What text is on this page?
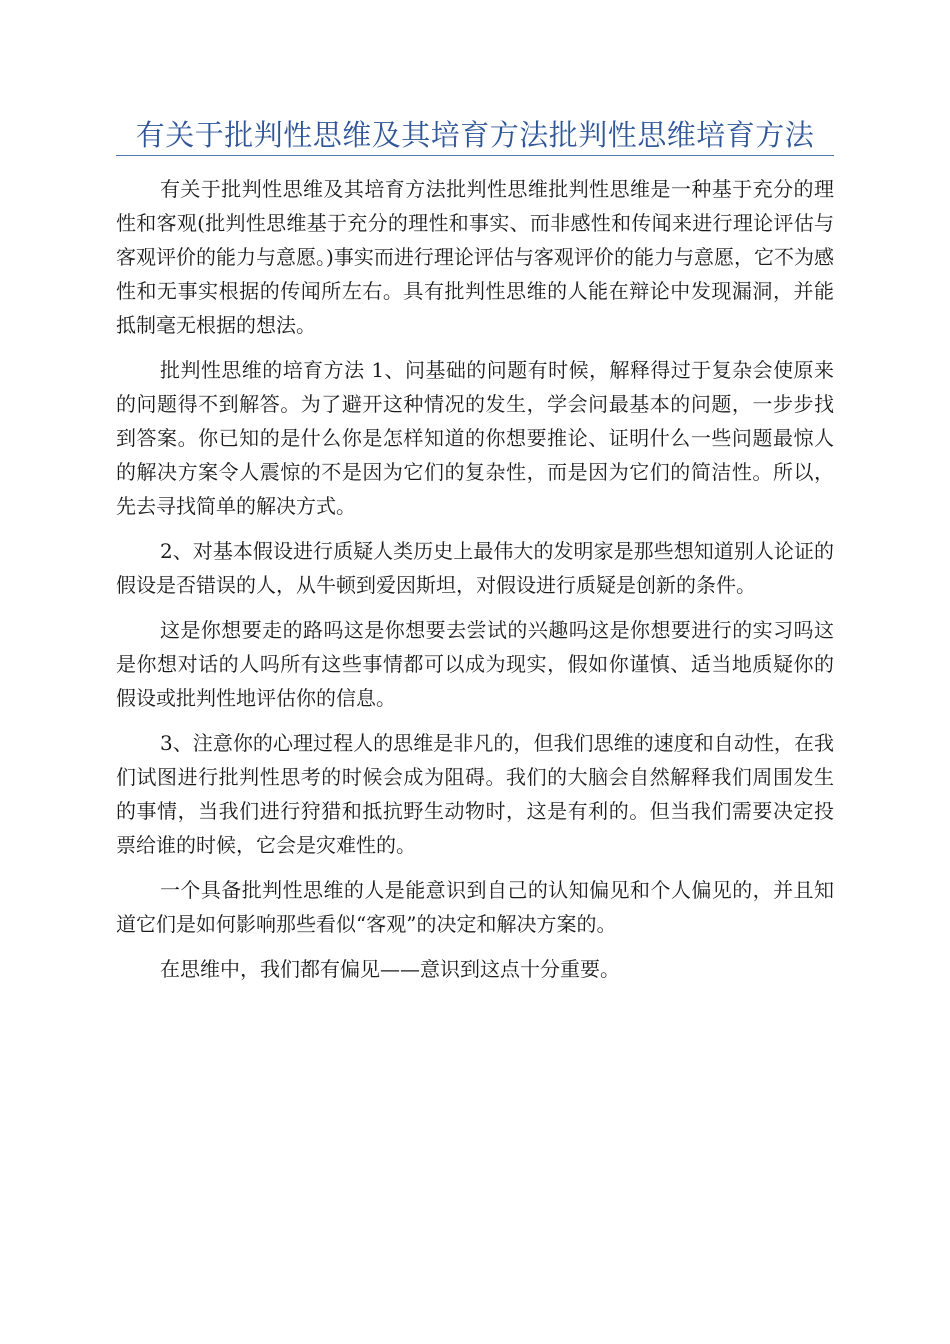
有关于批判性思维及其培育方法批判性思维培育方法

有关于批判性思维及其培育方法批判性思维批判性思维是一种基于充分的理性和客观(批判性思维基于充分的理性和事实、而非感性和传闻来进行理论评估与客观评价的能力与意愿。)事实而进行理论评估与客观评价的能力与意愿，它不为感性和无事实根据的传闻所左右。具有批判性思维的人能在辩论中发现漏洞，并能抵制毫无根据的想法。

批判性思维的培育方法 1、问基础的问题有时候，解释得过于复杂会使原来的问题得不到解答。为了避开这种情况的发生，学会问最基本的问题，一步步找到答案。你已知的是什么你是怎样知道的你想要推论、证明什么一些问题最惊人的解决方案令人震惊的不是因为它们的复杂性，而是因为它们的简洁性。所以，先去寻找简单的解决方式。

2、对基本假设进行质疑人类历史上最伟大的发明家是那些想知道别人论证的假设是否错误的人，从牛顿到爱因斯坦，对假设进行质疑是创新的条件。

这是你想要走的路吗这是你想要去尝试的兴趣吗这是你想要进行的实习吗这是你想对话的人吗所有这些事情都可以成为现实，假如你谨慎、适当地质疑你的假设或批判性地评估你的信息。

3、注意你的心理过程人的思维是非凡的，但我们思维的速度和自动性，在我们试图进行批判性思考的时候会成为阻碍。我们的大脑会自然解释我们周围发生的事情，当我们进行狩猎和抵抗野生动物时，这是有利的。但当我们需要决定投票给谁的时候，它会是灾难性的。

一个具备批判性思维的人是能意识到自己的认知偏见和个人偏见的，并且知道它们是如何影响那些看似“客观”的决定和解决方案的。

在思维中，我们都有偏见——意识到这点十分重要。
